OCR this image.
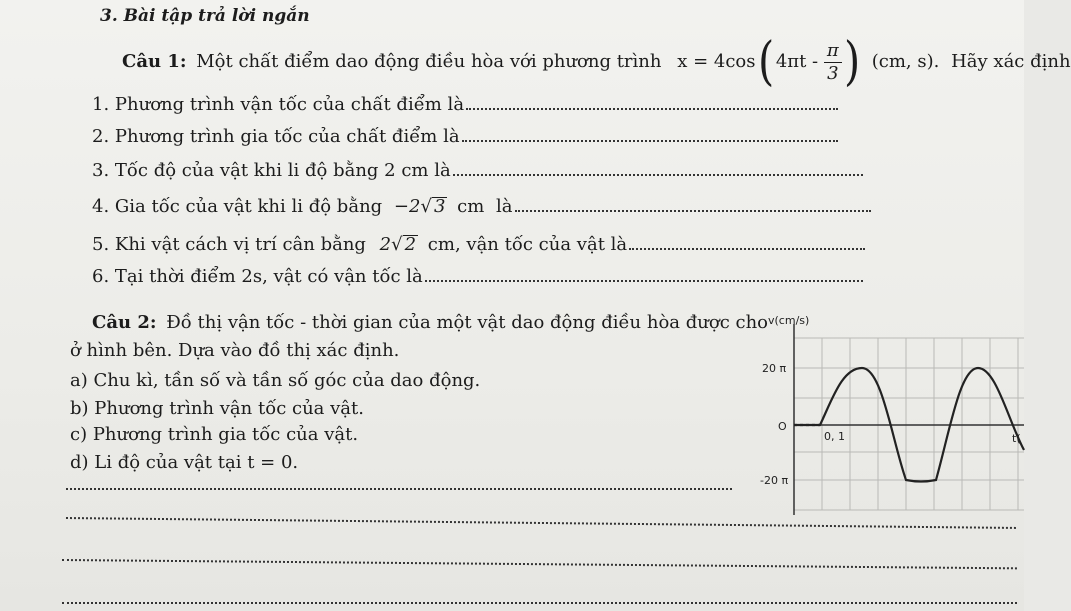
3. Bài tập trả lời ngắn
Câu 1: Một chất điểm dao động điều hòa với phương trình x = 4cos( $4\pi t - \frac{\pi}{3}$ ) (cm, s). Hãy xác định
1. Phương trình vận tốc của chất điểm là
2. Phương trình gia tốc của chất điểm là
3. Tốc độ của vật khi li độ bằng 2 cm là
4. Gia tốc của vật khi li độ bằng −2√ 3 cm là
5. Khi vật cách vị trí cân bằng 2√ 2 cm, vận tốc của vật là
6. Tại thời điểm 2s, vật có vận tốc là
Câu 2: Đồ thị vận tốc - thời gian của một vật dao động điều hòa được cho
ở hình bên. Dựa vào đồ thị xác định.
a) Chu kì, tần số và tần số góc của dao động.
b) Phương trình vận tốc của vật.
c) Phương trình gia tốc của vật.
d) Li độ của vật tại t = 0.
v(cm/s)
20 π
O
-20 π
0, 1	t(
